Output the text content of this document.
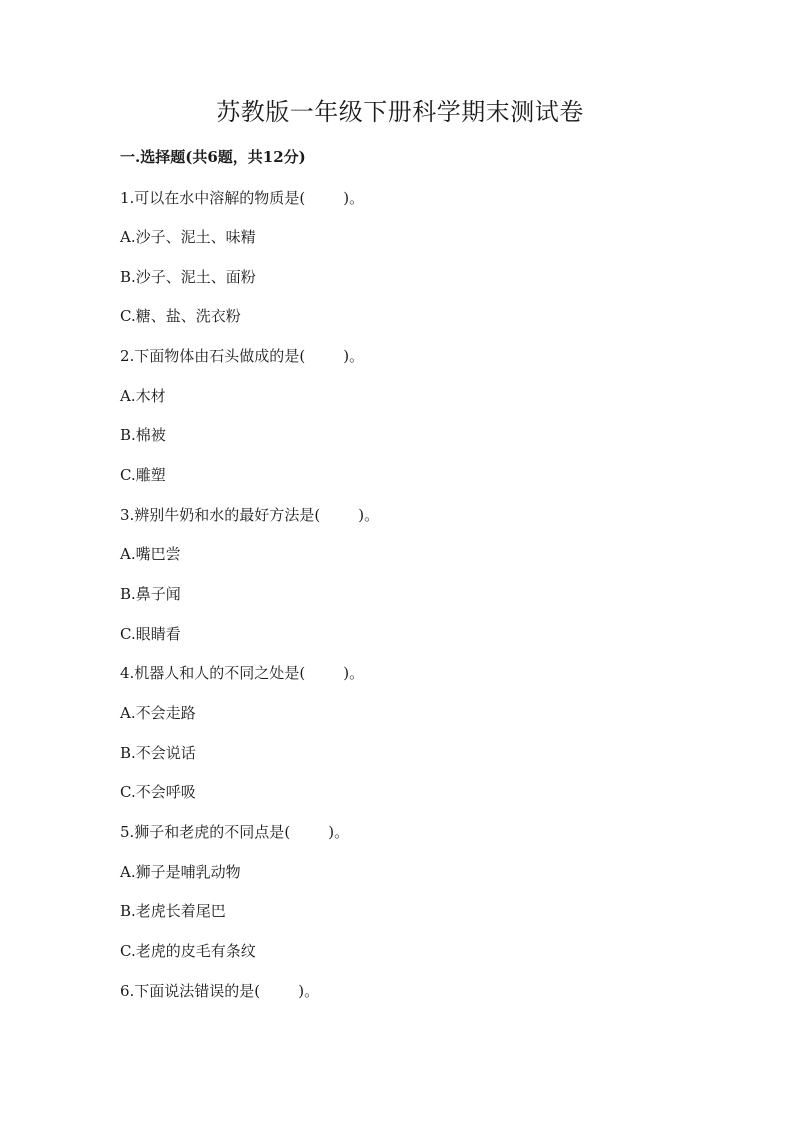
苏教版一年级下册科学期末测试卷

一.选择题(共6题，共12分)

1.可以在水中溶解的物质是(        )。

A.沙子、泥土、味精

B.沙子、泥土、面粉

C.糖、盐、洗衣粉

2.下面物体由石头做成的是(        )。

A.木材

B.棉被

C.雕塑

3.辨别牛奶和水的最好方法是(        )。

A.嘴巴尝

B.鼻子闻

C.眼睛看

4.机器人和人的不同之处是(        )。

A.不会走路

B.不会说话

C.不会呼吸

5.狮子和老虎的不同点是(        )。

A.狮子是哺乳动物

B.老虎长着尾巴

C.老虎的皮毛有条纹

6.下面说法错误的是(        )。
